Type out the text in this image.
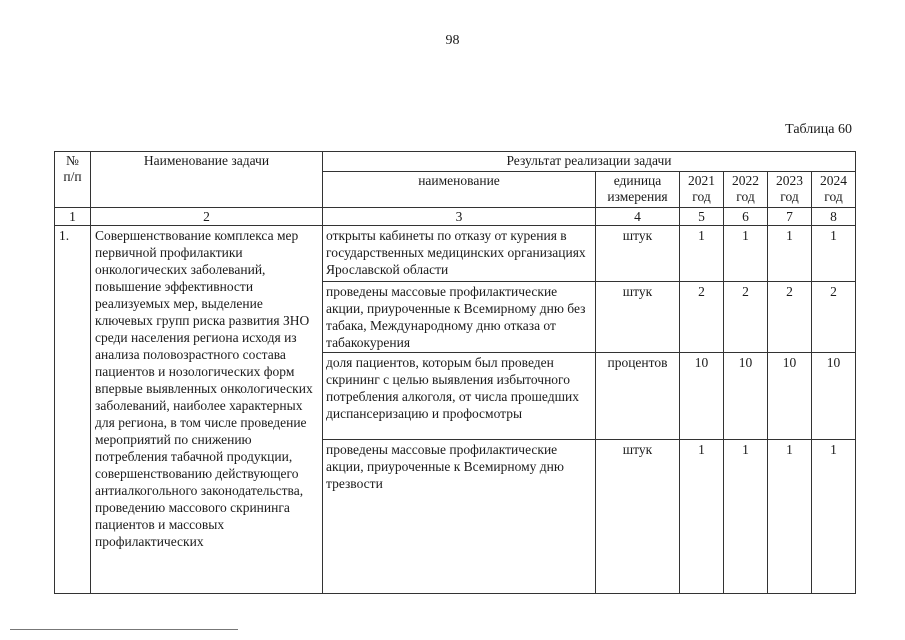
98
Таблица 60
№ п/п	Наименование задачи	Результат реализации задачи					
		наименование	единица измерения	2021 год	2022 год	2023 год	2024 год
1	2	3	4	5	6	7	8
1.	Совершенствование комплекса мер первичной профилактики онкологических заболеваний, повышение эффективности реализуемых мер, выделение ключевых групп риска развития ЗНО среди населения региона исходя из анализа половозрастного состава пациентов и нозологических форм впервые выявленных онкологических заболеваний, наиболее характерных для региона, в том числе проведение мероприятий по снижению потребления табачной продукции, совершенствованию действующего антиалкогольного законодательства, проведению массового скрининга пациентов и массовых профилактических	открыты кабинеты по отказу от курения в государственных медицинских организациях Ярославской области	штук	1	1	1	1
		проведены массовые профилактические акции, приуроченные к Всемирному дню без табака, Международному дню отказа от табакокурения	штук	2	2	2	2
		доля пациентов, которым был проведен скрининг с целью выявления избыточного потребления алкоголя, от числа прошедших диспансеризацию и профосмотры	процентов	10	10	10	10
		проведены массовые профилактические акции, приуроченные к Всемирному дню трезвости	штук	1	1	1	1
